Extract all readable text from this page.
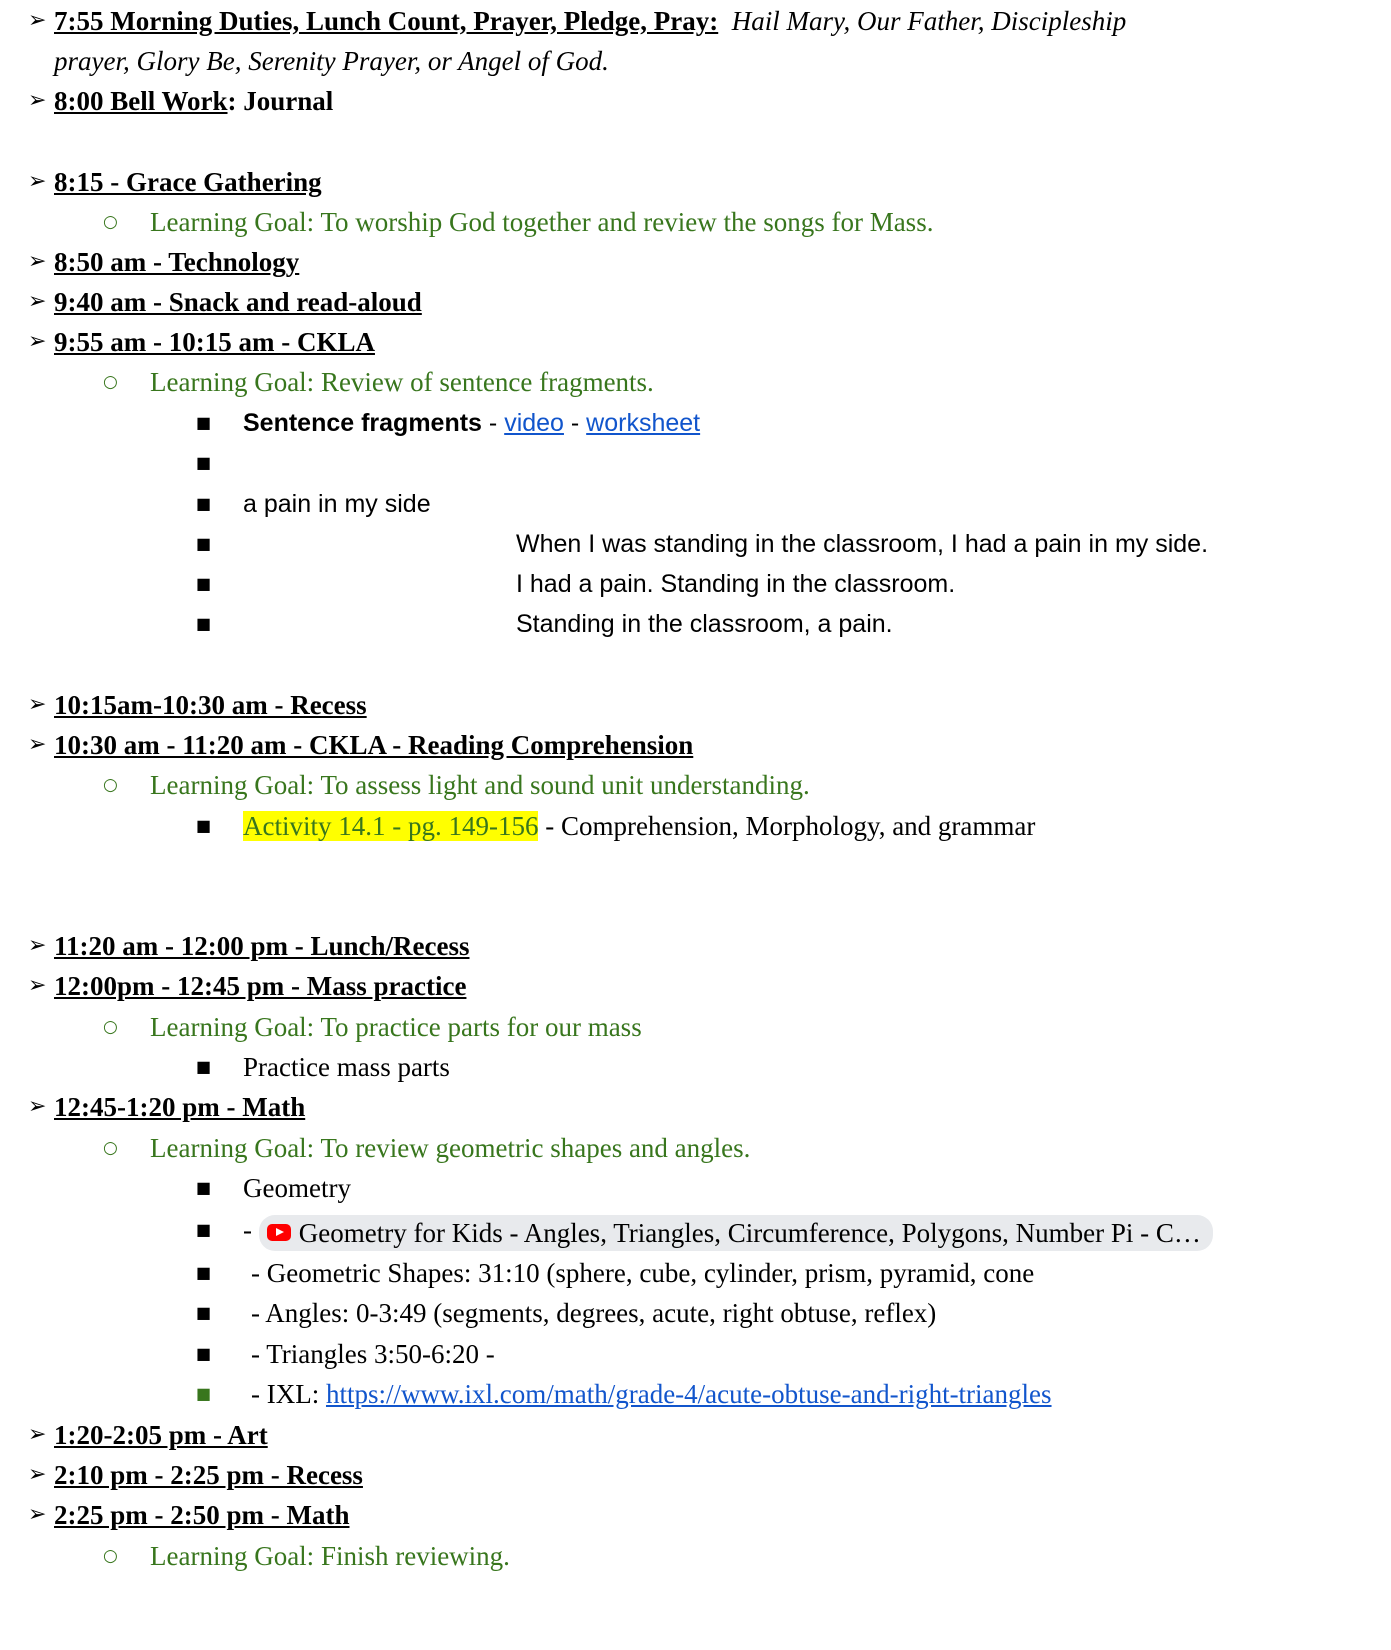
➢ 7:55 Morning Duties, Lunch Count, Prayer, Pledge, Pray: Hail Mary, Our Father, Discipleship
prayer, Glory Be, Serenity Prayer, or Angel of God.
➢ 8:00 Bell Work: Journal
➢ 8:15 - Grace Gathering
○ Learning Goal: To worship God together and review the songs for Mass.
➢ 8:50 am - Technology
➢ 9:40 am - Snack and read-aloud
➢ 9:55 am - 10:15 am - CKLA
○ Learning Goal: Review of sentence fragments.
■ Sentence fragments - video - worksheet
■
■ a pain in my side
■	When I was standing in the classroom, I had a pain in my side.
■	I had a pain. Standing in the classroom.
■	Standing in the classroom, a pain.
➢ 10:15am-10:30 am - Recess
➢ 10:30 am - 11:20 am - CKLA - Reading Comprehension
○ Learning Goal: To assess light and sound unit understanding.
■ Activity 14.1 - pg. 149-156 - Comprehension, Morphology, and grammar
➢ 11:20 am - 12:00 pm - Lunch/Recess
➢ 12:00pm - 12:45 pm - Mass practice
○ Learning Goal: To practice parts for our mass
■ Practice mass parts
➢ 12:45-1:20 pm - Math
○ Learning Goal: To review geometric shapes and angles.
■ Geometry
■ - Geometry for Kids - Angles, Triangles, Circumference, Polygons, Number Pi - C…
■ - Geometric Shapes: 31:10 (sphere, cube, cylinder, prism, pyramid, cone
■ - Angles: 0-3:49 (segments, degrees, acute, right obtuse, reflex)
■ - Triangles 3:50-6:20 -
■ - IXL: https://www.ixl.com/math/grade-4/acute-obtuse-and-right-triangles
➢ 1:20-2:05 pm - Art
➢ 2:10 pm - 2:25 pm - Recess
➢ 2:25 pm - 2:50 pm - Math
○ Learning Goal: Finish reviewing.
